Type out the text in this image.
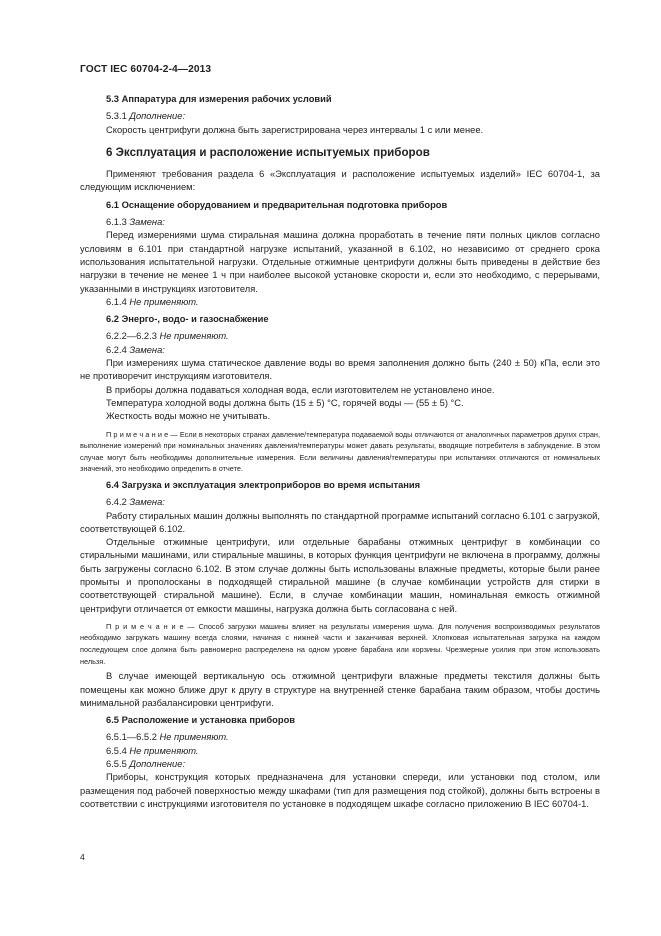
ГОСТ IEC 60704-2-4—2013

5.3 Аппаратура для измерения рабочих условий

5.3.1 Дополнение:

Скорость центрифуги должна быть зарегистрирована через интервалы 1 с или менее.

6 Эксплуатация и расположение испытуемых приборов

Применяют требования раздела 6 «Эксплуатация и расположение испытуемых изделий» IEC 60704-1, за следующим исключением:

6.1 Оснащение оборудованием и предварительная подготовка приборов

6.1.3 Замена:

Перед измерениями шума стиральная машина должна проработать в течение пяти полных циклов согласно условиям в 6.101 при стандартной нагрузке испытаний, указанной в 6.102, но независимо от среднего срока использования испытательной нагрузки. Отдельные отжимные центрифуги должны быть приведены в действие без нагрузки в течение не менее 1 ч при наиболее высокой установке скорости и, если это необходимо, с перерывами, указанными в инструкциях изготовителя.

6.1.4 Не применяют.

6.2 Энерго-, водо- и газоснабжение

6.2.2—6.2.3 Не применяют.

6.2.4 Замена:

При измерениях шума статическое давление воды во время заполнения должно быть (240 ± 50) кПа, если это не противоречит инструкциям изготовителя.

В приборы должна подаваться холодная вода, если изготовителем не установлено иное.

Температура холодной воды должна быть (15 ± 5) °С, горячей воды — (55 ± 5) °С.

Жесткость воды можно не учитывать.

П р и м е ч а н и е — Если в некоторых странах давление/температура подаваемой воды отличаются от аналогичных параметров других стран, выполнение измерений при номинальных значениях давления/температуры может давать результаты, вводящие потребителя в заблуждение. В этом случае могут быть необходимы дополнительные измерения. Если величины давления/температуры при испытаниях отличаются от номинальных значений, это необходимо определить в отчете.

6.4 Загрузка и эксплуатация электроприборов во время испытания

6.4.2 Замена:

Работу стиральных машин должны выполнять по стандартной программе испытаний согласно 6.101 с загрузкой, соответствующей 6.102.

Отдельные отжимные центрифуги, или отдельные барабаны отжимных центрифуг в комбинации со стиральными машинами, или стиральные машины, в которых функция центрифуги не включена в программу, должны быть загружены согласно 6.102. В этом случае должны быть использованы влажные предметы, которые были ранее промыты и прополосканы в подходящей стиральной машине (в случае комбинации устройств для стирки в соответствующей стиральной машине). Если, в случае комбинации машин, номинальная емкость отжимной центрифуги отличается от емкости машины, нагрузка должна быть согласована с ней.

П р и м е ч а н и е — Способ загрузки машины влияет на результаты измерения шума. Для получения воспроизводимых результатов необходимо загружать машину всегда слоями, начиная с нижней части и заканчивая верхней. Хлопковая испытательная загрузка на каждом последующем слое должна быть равномерно распределена на одном уровне барабана или корзины. Чрезмерные усилия при этом использовать нельзя.

В случае имеющей вертикальную ось отжимной центрифуги влажные предметы текстиля должны быть помещены как можно ближе друг к другу в структуре на внутренней стенке барабана таким образом, чтобы достичь минимальной разбалансировки центрифуги.

6.5 Расположение и установка приборов

6.5.1—6.5.2 Не применяют.

6.5.4 Не применяют.

6.5.5 Дополнение:

Приборы, конструкция которых предназначена для установки спереди, или установки под столом, или размещения под рабочей поверхностью между шкафами (тип для размещения под стойкой), должны быть встроены в соответствии с инструкциями изготовителя по установке в подходящем шкафе согласно приложению В IEC 60704-1.

4
